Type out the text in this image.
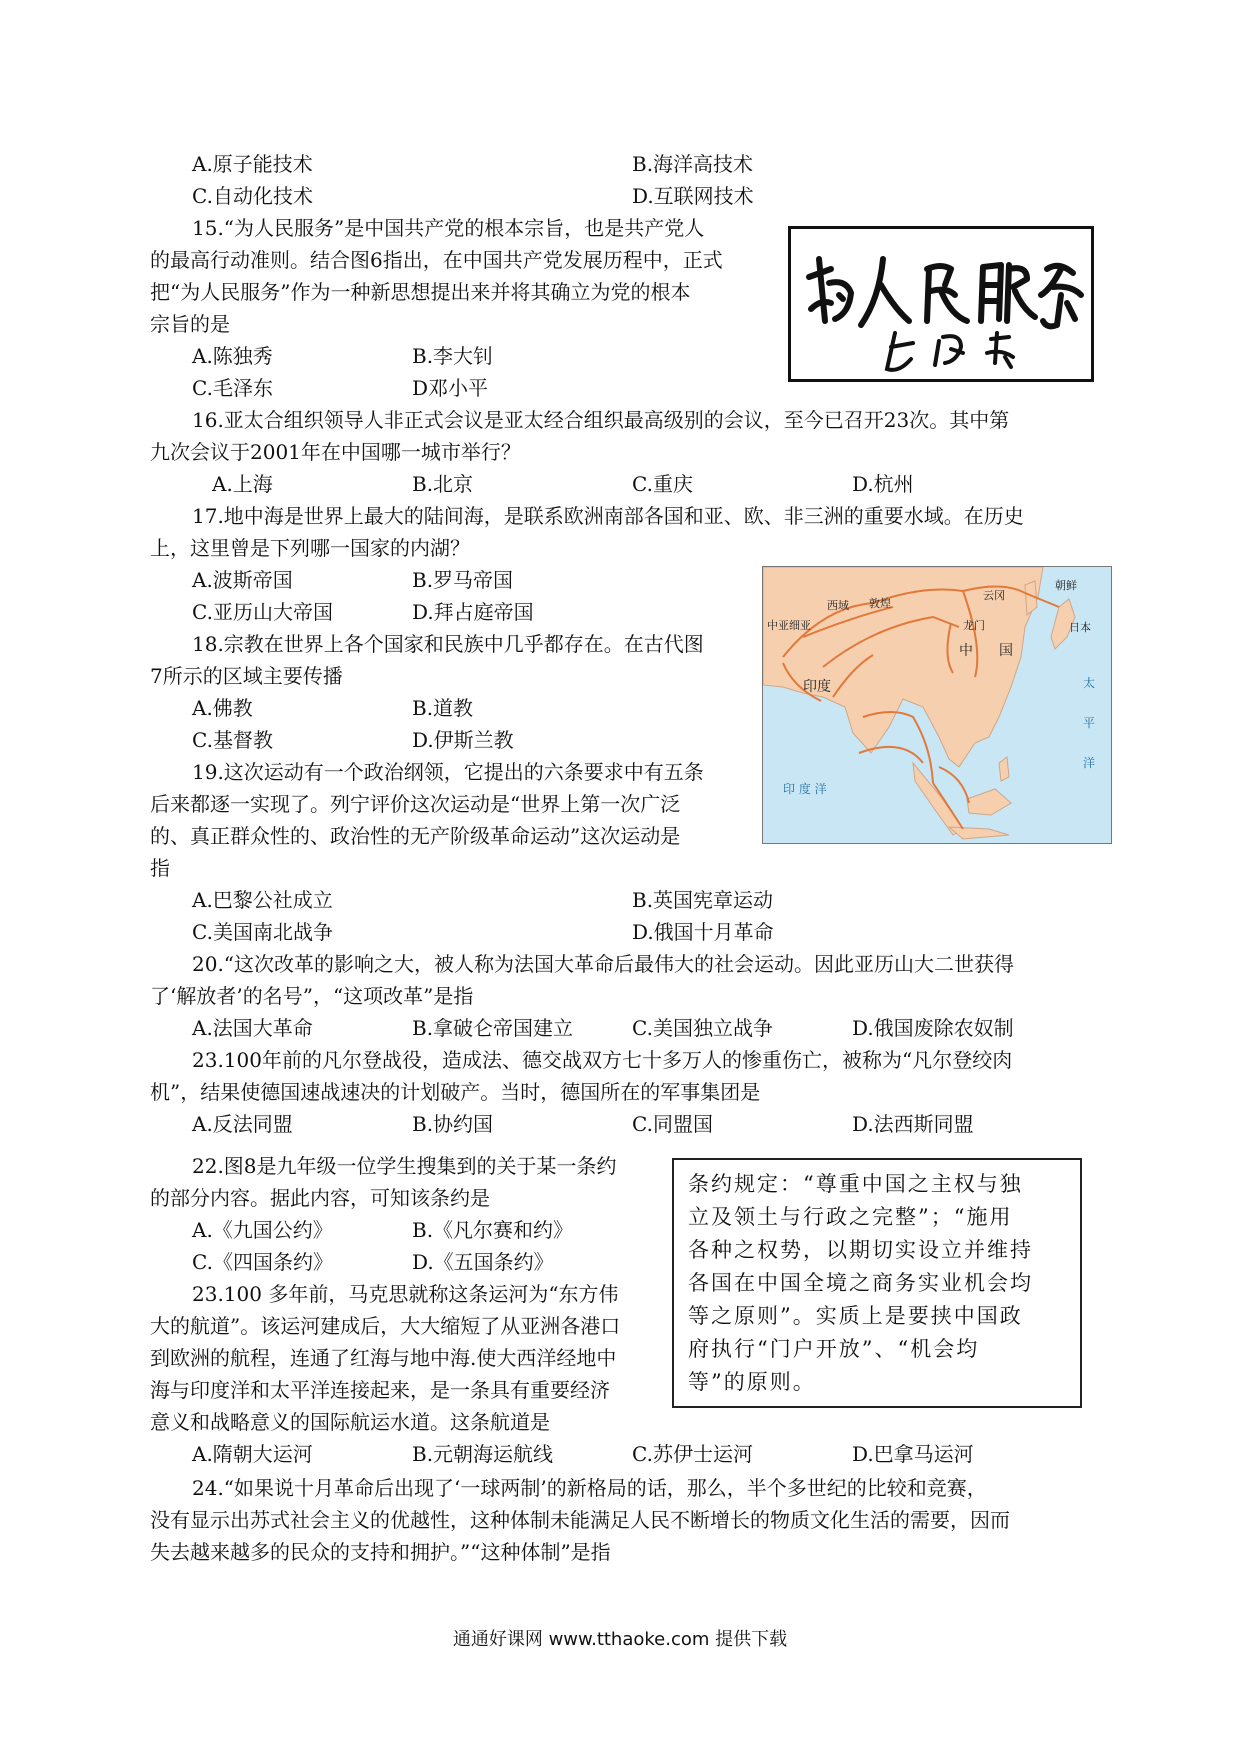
A.原子能技术	B.海洋高技术
C.自动化技术	D.互联网技术
15.“为人民服务”是中国共产党的根本宗旨，也是共产党人
的最高行动准则。结合图6指出，在中国共产党发展历程中，正式
把“为人民服务”作为一种新思想提出来并将其确立为党的根本
宗旨的是
A.陈独秀	B.李大钊
C.毛泽东	D邓小平
16.亚太合组织领导人非正式会议是亚太经合组织最高级别的会议，至今已召开23次。其中第
九次会议于2001年在中国哪一城市举行？
A.上海	B.北京	C.重庆	D.杭州
17.地中海是世界上最大的陆间海，是联系欧洲南部各国和亚、欧、非三洲的重要水域。在历史
上，这里曾是下列哪一国家的内湖？
A.波斯帝国	B.罗马帝国
C.亚历山大帝国	D.拜占庭帝国
18.宗教在世界上各个国家和民族中几乎都存在。在古代图
7所示的区域主要传播
A.佛教	B.道教
C.基督教	D.伊斯兰教
朝鲜
云冈
西域 敦煌
中亚细亚	龙门	日本
中 国
印度	太
平
洋
印 度 洋
19.这次运动有一个政治纲领，它提出的六条要求中有五条
后来都逐一实现了。列宁评价这次运动是“世界上第一次广泛
的、真正群众性的、政治性的无产阶级革命运动”这次运动是
指
A.巴黎公社成立	B.英国宪章运动
C.美国南北战争	D.俄国十月革命
20.“这次改革的影响之大，被人称为法国大革命后最伟大的社会运动。因此亚历山大二世获得
了‘解放者’的名号”，“这项改革”是指
A.法国大革命	B.拿破仑帝国建立	C.美国独立战争	D.俄国废除农奴制
23.100年前的凡尔登战役，造成法、德交战双方七十多万人的惨重伤亡，被称为“凡尔登绞肉
机”，结果使德国速战速决的计划破产。当时，德国所在的军事集团是
A.反法同盟	B.协约国	C.同盟国	D.法西斯同盟
22.图8是九年级一位学生搜集到的关于某一条约
的部分内容。据此内容，可知该条约是
A.《九国公约》	B.《凡尔赛和约》
C.《四国条约》	D.《五国条约》
条约规定：“尊重中国之主权与独
立及领土与行政之完整”；“施用
各种之权势，以期切实设立并维持
各国在中国全境之商务实业机会均
等之原则”。实质上是要挟中国政
府执行“门户开放”、“机会均
等”的原则。
23.100 多年前，马克思就称这条运河为“东方伟
大的航道”。该运河建成后，大大缩短了从亚洲各港口
到欧洲的航程，连通了红海与地中海.使大西洋经地中
海与印度洋和太平洋连接起来，是一条具有重要经济
意义和战略意义的国际航运水道。这条航道是
A.隋朝大运河	B.元朝海运航线	C.苏伊士运河	D.巴拿马运河
24.“如果说十月革命后出现了‘一球两制’的新格局的话，那么，半个多世纪的比较和竞赛，
没有显示出苏式社会主义的优越性，这种体制未能满足人民不断增长的物质文化生活的需要，因而
失去越来越多的民众的支持和拥护。”“这种体制”是指
通通好课网 www.tthaoke.com 提供下载
